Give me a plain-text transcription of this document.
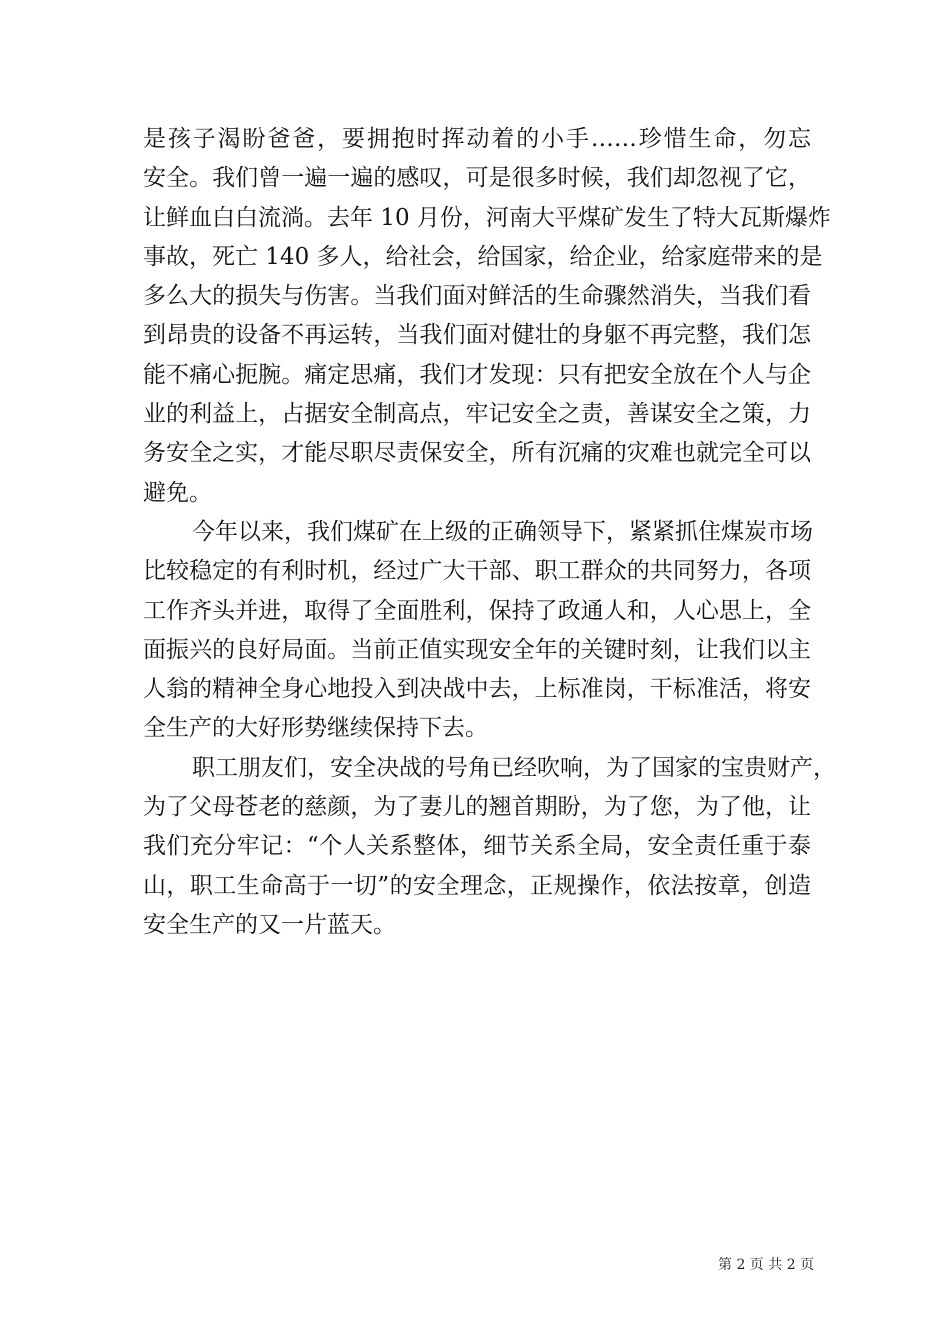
是孩子渴盼爸爸，要拥抱时挥动着的小手……珍惜生命，勿忘
安全。我们曾一遍一遍的感叹，可是很多时候，我们却忽视了它，
让鲜血白白流淌。去年 10 月份，河南大平煤矿发生了特大瓦斯爆炸
事故，死亡 140 多人，给社会，给国家，给企业，给家庭带来的是
多么大的损失与伤害。当我们面对鲜活的生命骤然消失，当我们看
到昂贵的设备不再运转，当我们面对健壮的身躯不再完整，我们怎
能不痛心扼腕。痛定思痛，我们才发现：只有把安全放在个人与企
业的利益上，占据安全制高点，牢记安全之责，善谋安全之策，力
务安全之实，才能尽职尽责保安全，所有沉痛的灾难也就完全可以
避免。
今年以来，我们煤矿在上级的正确领导下，紧紧抓住煤炭市场
比较稳定的有利时机，经过广大干部、职工群众的共同努力，各项
工作齐头并进，取得了全面胜利，保持了政通人和，人心思上，全
面振兴的良好局面。当前正值实现安全年的关键时刻，让我们以主
人翁的精神全身心地投入到决战中去，上标准岗，干标准活，将安
全生产的大好形势继续保持下去。
职工朋友们，安全决战的号角已经吹响，为了国家的宝贵财产，
为了父母苍老的慈颜，为了妻儿的翘首期盼，为了您，为了他，让
我们充分牢记：“个人关系整体，细节关系全局，安全责任重于泰
山，职工生命高于一切”的安全理念，正规操作，依法按章，创造
安全生产的又一片蓝天。
第 2 页 共 2 页
